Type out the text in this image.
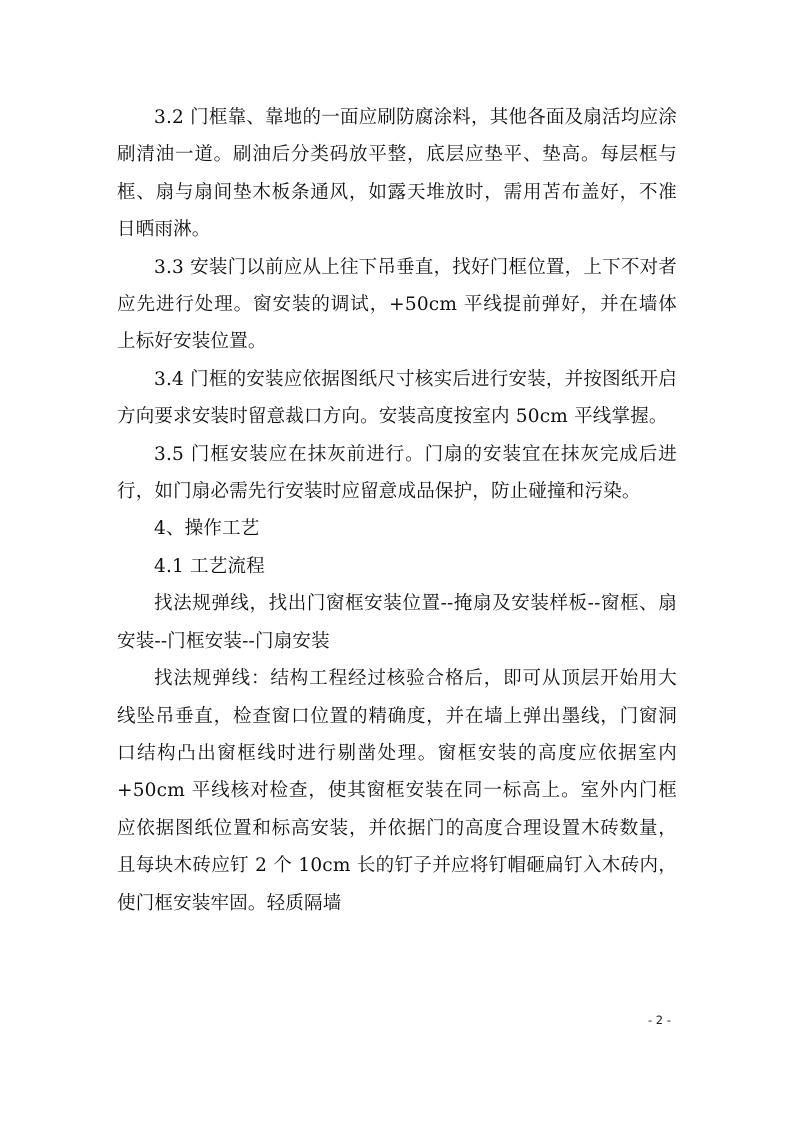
3.2 门框靠、靠地的一面应刷防腐涂料，其他各面及扇活均应涂刷清油一道。刷油后分类码放平整，底层应垫平、垫高。每层框与框、扇与扇间垫木板条通风，如露天堆放时，需用苫布盖好，不准日晒雨淋。

3.3 安装门以前应从上往下吊垂直，找好门框位置，上下不对者应先进行处理。窗安装的调试，+50cm 平线提前弹好，并在墙体上标好安装位置。

3.4 门框的安装应依据图纸尺寸核实后进行安装，并按图纸开启方向要求安装时留意裁口方向。安装高度按室内 50cm 平线掌握。

3.5 门框安装应在抹灰前进行。门扇的安装宜在抹灰完成后进行，如门扇必需先行安装时应留意成品保护，防止碰撞和污染。

4、操作工艺

4.1 工艺流程

找法规弹线，找出门窗框安装位置--掩扇及安装样板--窗框、扇安装--门框安装--门扇安装

找法规弹线：结构工程经过核验合格后，即可从顶层开始用大线坠吊垂直，检查窗口位置的精确度，并在墙上弹出墨线，门窗洞口结构凸出窗框线时进行剔凿处理。窗框安装的高度应依据室内+50cm 平线核对检查，使其窗框安装在同一标高上。室外内门框应依据图纸位置和标高安装，并依据门的高度合理设置木砖数量，且每块木砖应钉 2 个 10cm 长的钉子并应将钉帽砸扁钉入木砖内，使门框安装牢固。轻质隔墙

- 2 -
